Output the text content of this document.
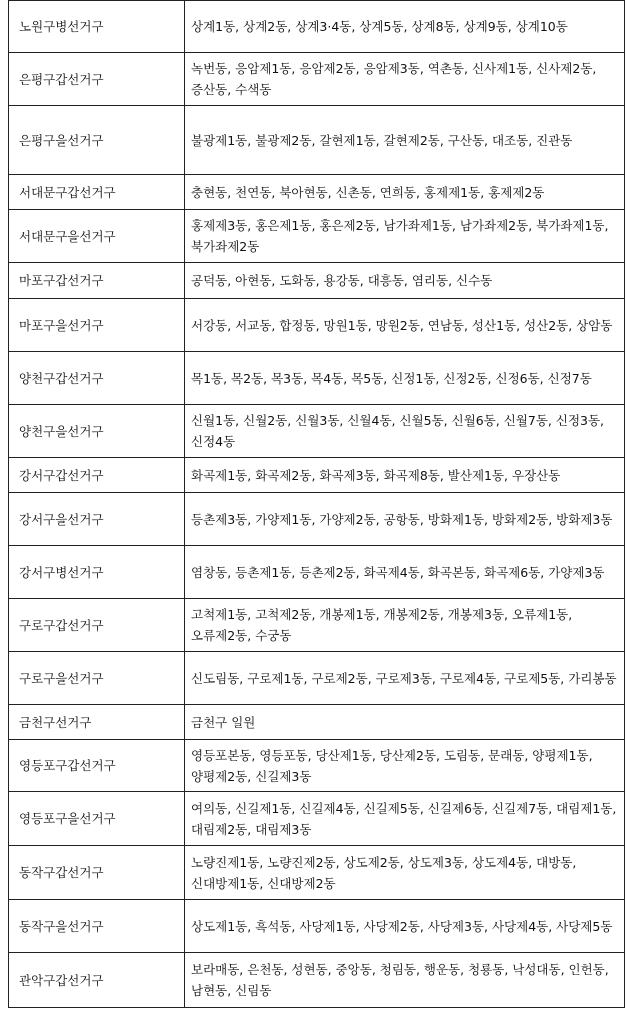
노원구병선거구	상계1동, 상계2동, 상계3·4동, 상계5동, 상계8동, 상계9동, 상계10동
은평구갑선거구	녹번동, 응암제1동, 응암제2동, 응암제3동, 역촌동, 신사제1동, 신사제2동, 증산동, 수색동
은평구을선거구	불광제1동, 불광제2동, 갈현제1동, 갈현제2동, 구산동, 대조동, 진관동
서대문구갑선거구	충현동, 천연동, 북아현동, 신촌동, 연희동, 홍제제1동, 홍제제2동
서대문구을선거구	홍제제3동, 홍은제1동, 홍은제2동, 남가좌제1동, 남가좌제2동, 북가좌제1동, 북가좌제2동
마포구갑선거구	공덕동, 아현동, 도화동, 용강동, 대흥동, 염리동, 신수동
마포구을선거구	서강동, 서교동, 합정동, 망원1동, 망원2동, 연남동, 성산1동, 성산2동, 상암동
양천구갑선거구	목1동, 목2동, 목3동, 목4동, 목5동, 신정1동, 신정2동, 신정6동, 신정7동
양천구을선거구	신월1동, 신월2동, 신월3동, 신월4동, 신월5동, 신월6동, 신월7동, 신정3동, 신정4동
강서구갑선거구	화곡제1동, 화곡제2동, 화곡제3동, 화곡제8동, 발산제1동, 우장산동
강서구을선거구	등촌제3동, 가양제1동, 가양제2동, 공항동, 방화제1동, 방화제2동, 방화제3동
강서구병선거구	염창동, 등촌제1동, 등촌제2동, 화곡제4동, 화곡본동, 화곡제6동, 가양제3동
구로구갑선거구	고척제1동, 고척제2동, 개봉제1동, 개봉제2동, 개봉제3동, 오류제1동, 오류제2동, 수궁동
구로구을선거구	신도림동, 구로제1동, 구로제2동, 구로제3동, 구로제4동, 구로제5동, 가리봉동
금천구선거구	금천구 일원
영등포구갑선거구	영등포본동, 영등포동, 당산제1동, 당산제2동, 도림동, 문래동, 양평제1동, 양평제2동, 신길제3동
영등포구을선거구	여의동, 신길제1동, 신길제4동, 신길제5동, 신길제6동, 신길제7동, 대림제1동, 대림제2동, 대림제3동
동작구갑선거구	노량진제1동, 노량진제2동, 상도제2동, 상도제3동, 상도제4동, 대방동, 신대방제1동, 신대방제2동
동작구을선거구	상도제1동, 흑석동, 사당제1동, 사당제2동, 사당제3동, 사당제4동, 사당제5동
관악구갑선거구	보라매동, 은천동, 성현동, 중앙동, 청림동, 행운동, 청룡동, 낙성대동, 인헌동, 남현동, 신림동
